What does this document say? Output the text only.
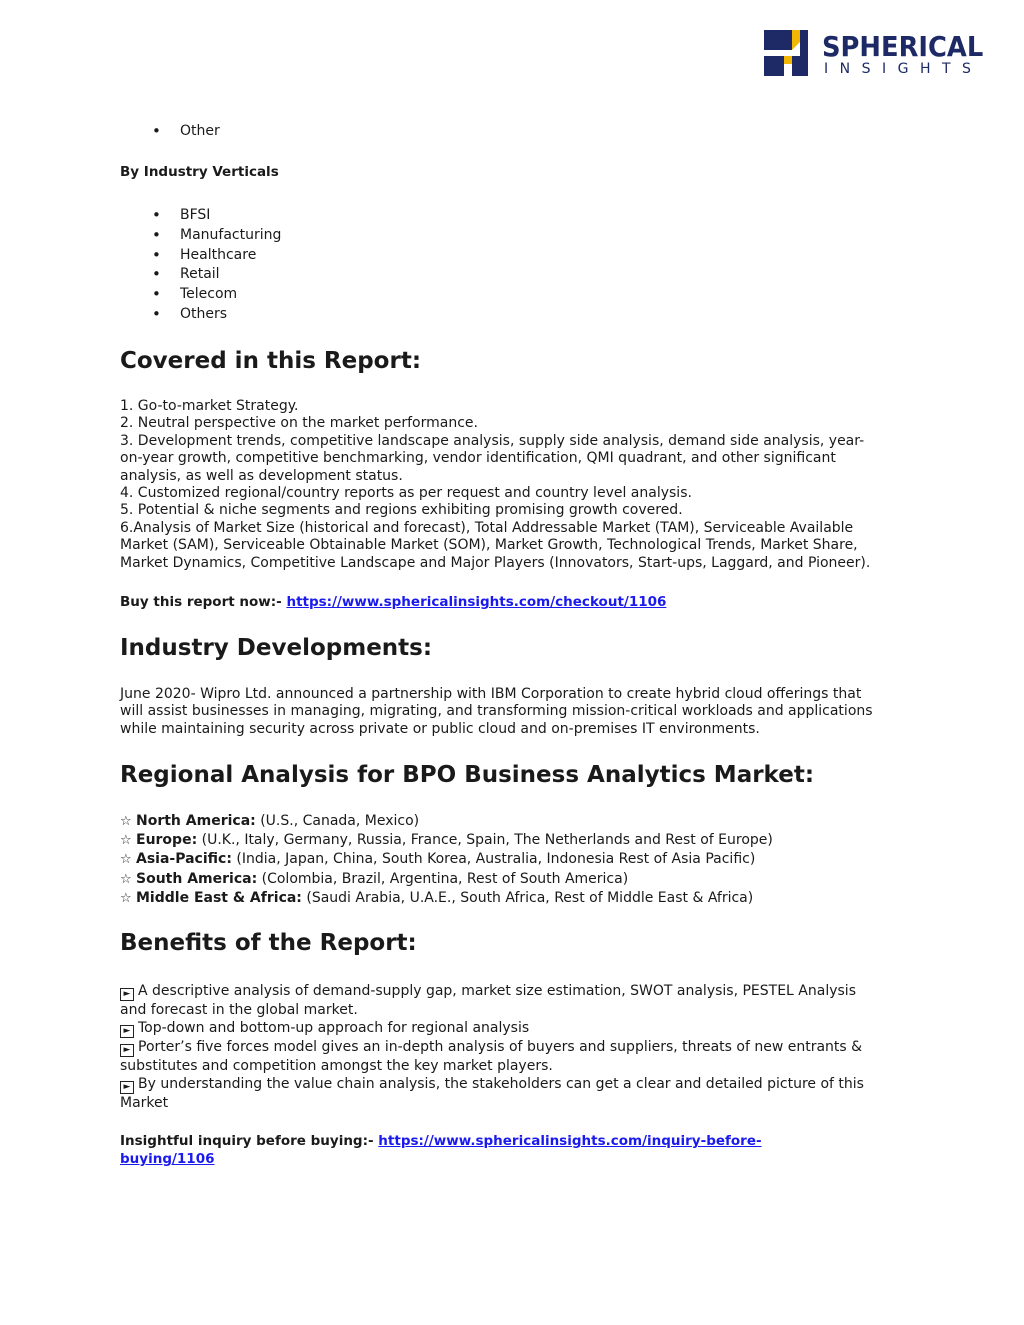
SPHERICAL
INSIGHTS
• Other
By Industry Verticals
• BFSI
• Manufacturing
• Healthcare
• Retail
• Telecom
• Others
Covered in this Report:
1. Go-to-market Strategy.
2. Neutral perspective on the market performance.
3. Development trends, competitive landscape analysis, supply side analysis, demand side analysis, year-
on-year growth, competitive benchmarking, vendor identification, QMI quadrant, and other significant
analysis, as well as development status.
4. Customized regional/country reports as per request and country level analysis.
5. Potential & niche segments and regions exhibiting promising growth covered.
6.Analysis of Market Size (historical and forecast), Total Addressable Market (TAM), Serviceable Available
Market (SAM), Serviceable Obtainable Market (SOM), Market Growth, Technological Trends, Market Share,
Market Dynamics, Competitive Landscape and Major Players (Innovators, Start-ups, Laggard, and Pioneer).
Buy this report now:- https://www.sphericalinsights.com/checkout/1106
Industry Developments:
June 2020- Wipro Ltd. announced a partnership with IBM Corporation to create hybrid cloud offerings that
will assist businesses in managing, migrating, and transforming mission-critical workloads and applications
while maintaining security across private or public cloud and on-premises IT environments.
Regional Analysis for BPO Business Analytics Market:
☆ North America: (U.S., Canada, Mexico)
☆ Europe: (U.K., Italy, Germany, Russia, France, Spain, The Netherlands and Rest of Europe)
☆ Asia-Pacific: (India, Japan, China, South Korea, Australia, Indonesia Rest of Asia Pacific)
☆ South America: (Colombia, Brazil, Argentina, Rest of South America)
☆ Middle East & Africa: (Saudi Arabia, U.A.E., South Africa, Rest of Middle East & Africa)
Benefits of the Report:
► A descriptive analysis of demand-supply gap, market size estimation, SWOT analysis, PESTEL Analysis
and forecast in the global market.
► Top-down and bottom-up approach for regional analysis
► Porter’s five forces model gives an in-depth analysis of buyers and suppliers, threats of new entrants &
substitutes and competition amongst the key market players.
► By understanding the value chain analysis, the stakeholders can get a clear and detailed picture of this
Market
Insightful inquiry before buying:- https://www.sphericalinsights.com/inquiry-before-
buying/1106
